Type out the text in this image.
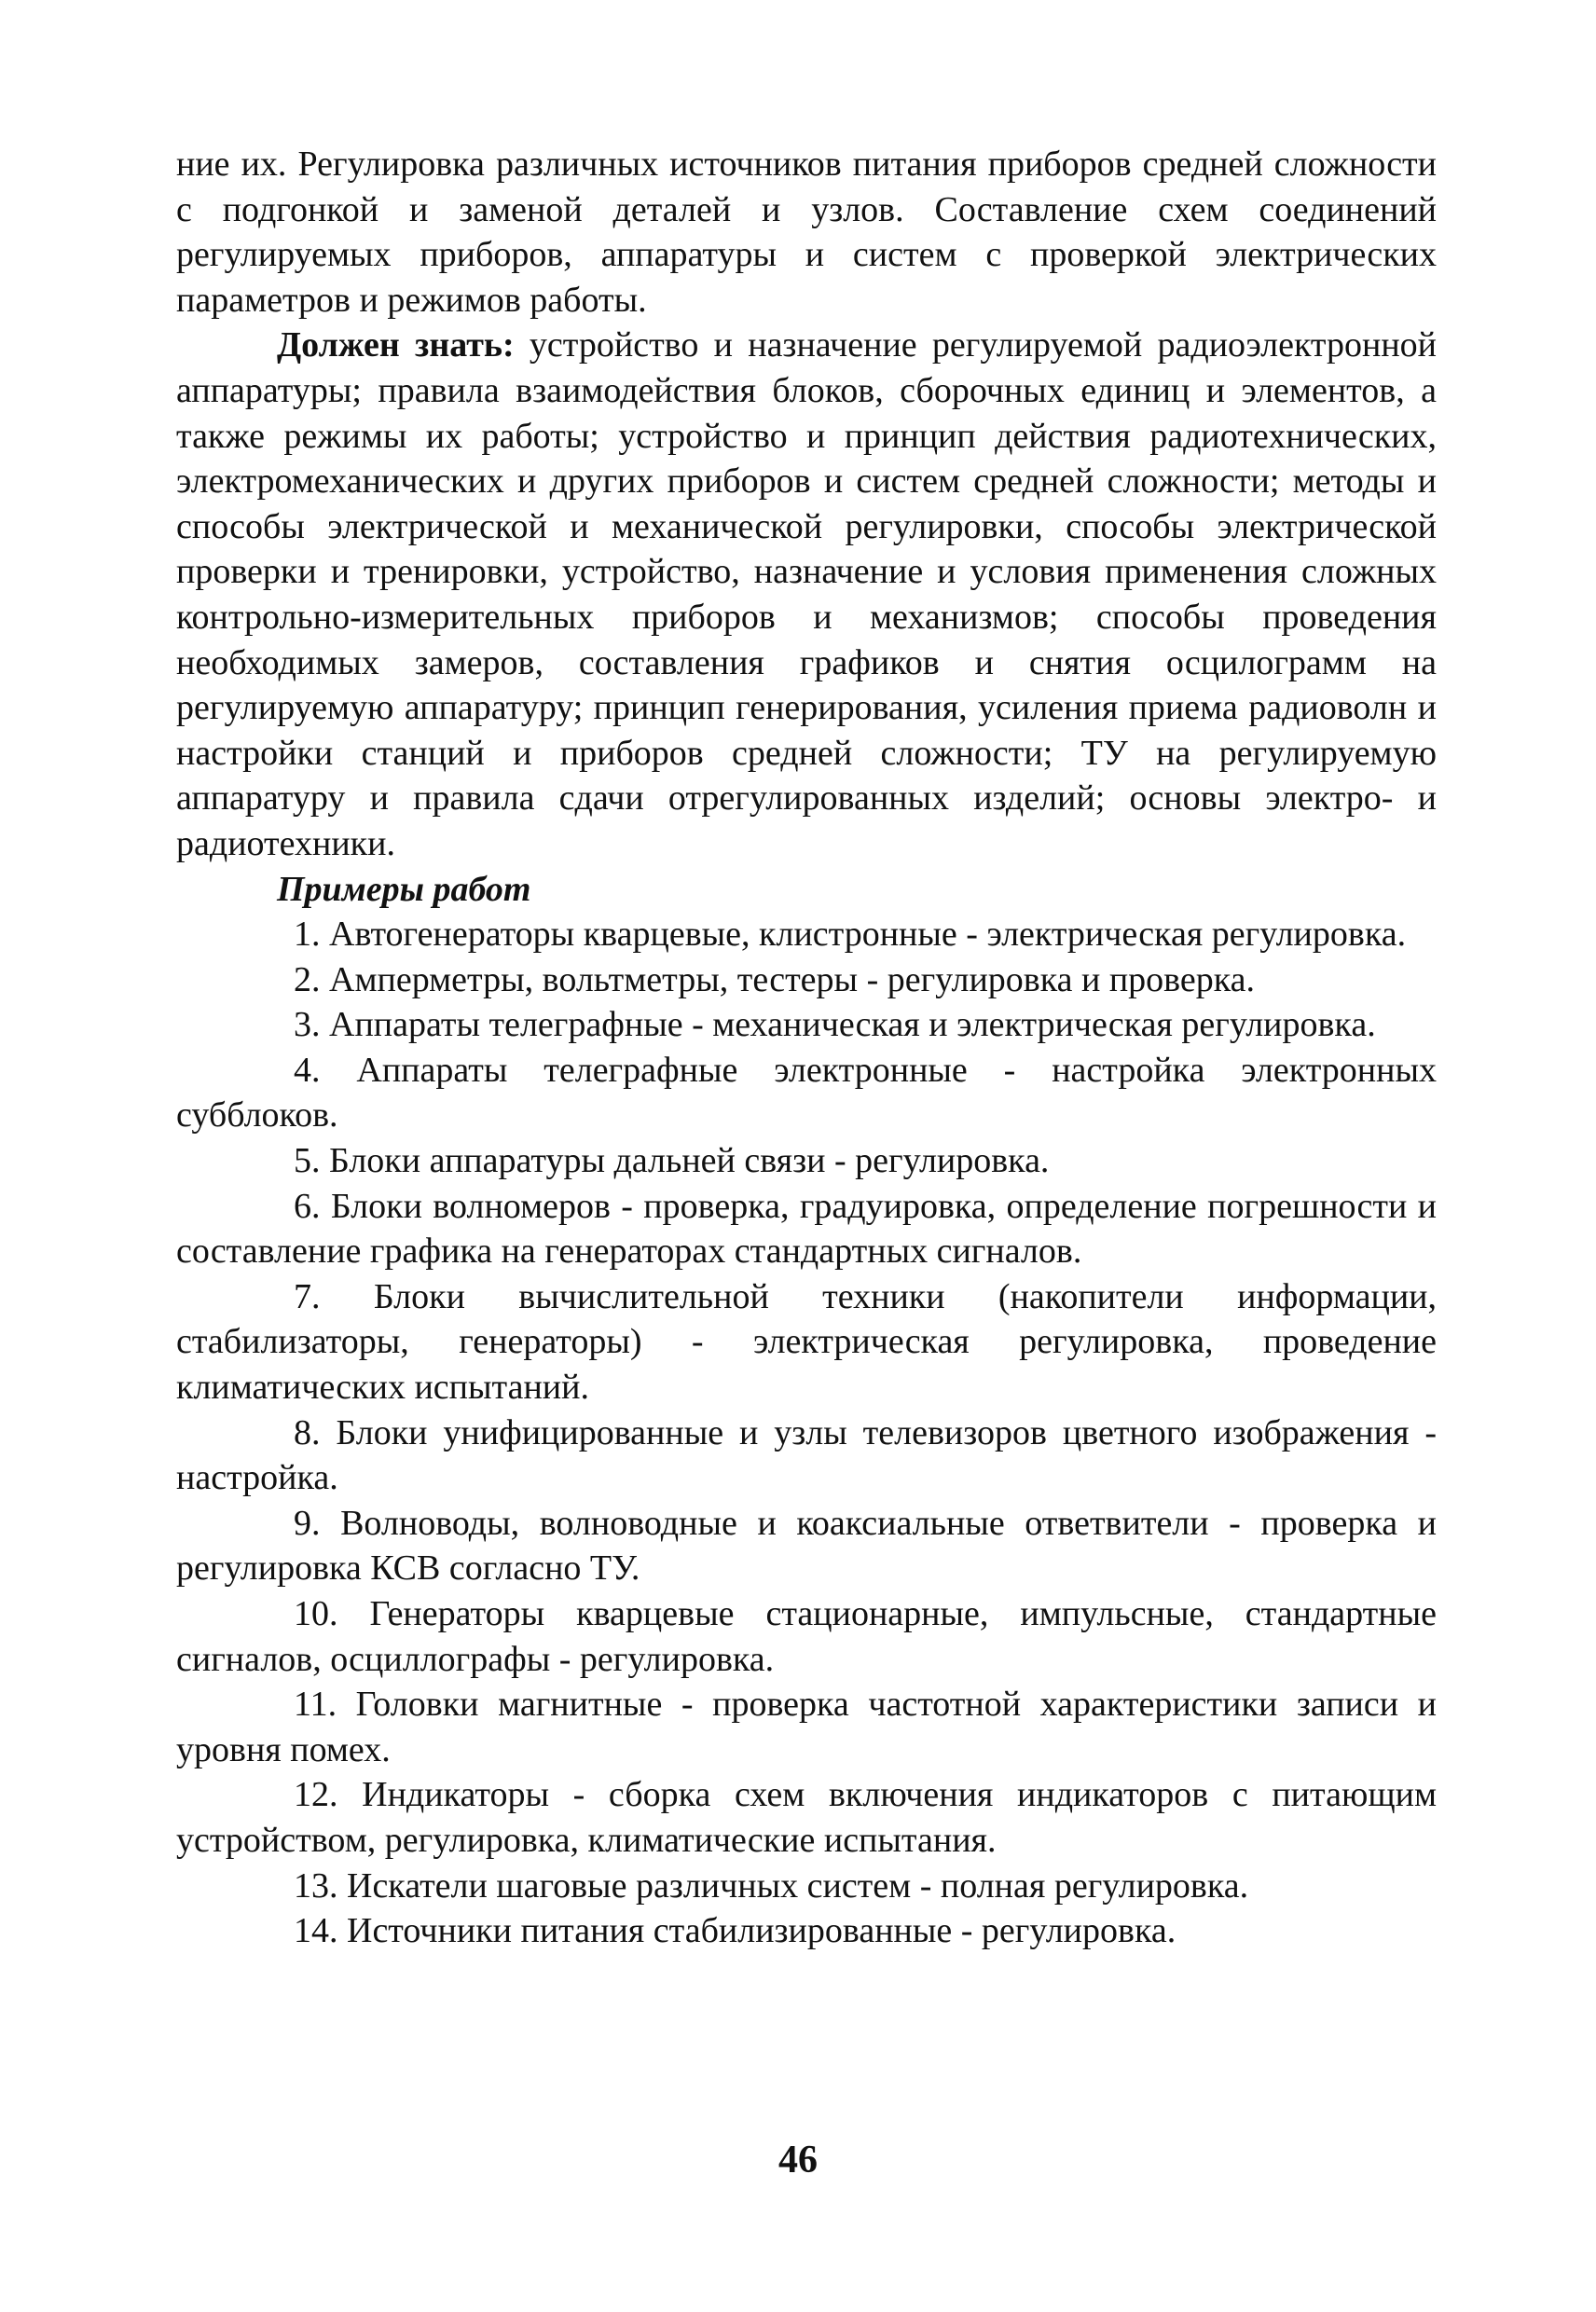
ние их. Регулировка различных источников питания приборов средней сложности с подгонкой и заменой деталей и узлов. Составление схем соединений регулируемых приборов, аппаратуры и систем с проверкой электрических параметров и режимов работы.

Должен знать: устройство и назначение регулируемой радиоэлектронной аппаратуры; правила взаимодействия блоков, сборочных единиц и элементов, а также режимы их работы; устройство и принцип действия радиотехнических, электромеханических и других приборов и систем средней сложности; методы и способы электрической и механической регулировки, способы электрической проверки и тренировки, устройство, назначение и условия применения сложных контрольно-измерительных приборов и механизмов; способы проведения необходимых замеров, составления графиков и снятия осцилограмм на регулируемую аппаратуру; принцип генерирования, усиления приема радиоволн и настройки станций и приборов средней сложности; ТУ на регулируемую аппаратуру и правила сдачи отрегулированных изделий; основы электро- и радиотехники.

Примеры работ

1. Автогенераторы кварцевые, клистронные - электрическая регулировка.

2. Амперметры, вольтметры, тестеры - регулировка и проверка.

3. Аппараты телеграфные - механическая и электрическая регулировка.

4. Аппараты телеграфные электронные - настройка электронных субблоков.

5. Блоки аппаратуры дальней связи - регулировка.

6. Блоки волномеров - проверка, градуировка, определение погрешности и составление графика на генераторах стандартных сигналов.

7. Блоки вычислительной техники (накопители информации, стабилизаторы, генераторы) - электрическая регулировка, проведение климатических испытаний.

8. Блоки унифицированные и узлы телевизоров цветного изображения - настройка.

9. Волноводы, волноводные и коаксиальные ответвители - проверка и регулировка КСВ согласно ТУ.

10. Генераторы кварцевые стационарные, импульсные, стандартные сигналов, осциллографы - регулировка.

11. Головки магнитные - проверка частотной характеристики записи и уровня помех.

12. Индикаторы - сборка схем включения индикаторов с питающим устройством, регулировка, климатические испытания.

13. Искатели шаговые различных систем - полная регулировка.

14. Источники питания стабилизированные - регулировка.

46
